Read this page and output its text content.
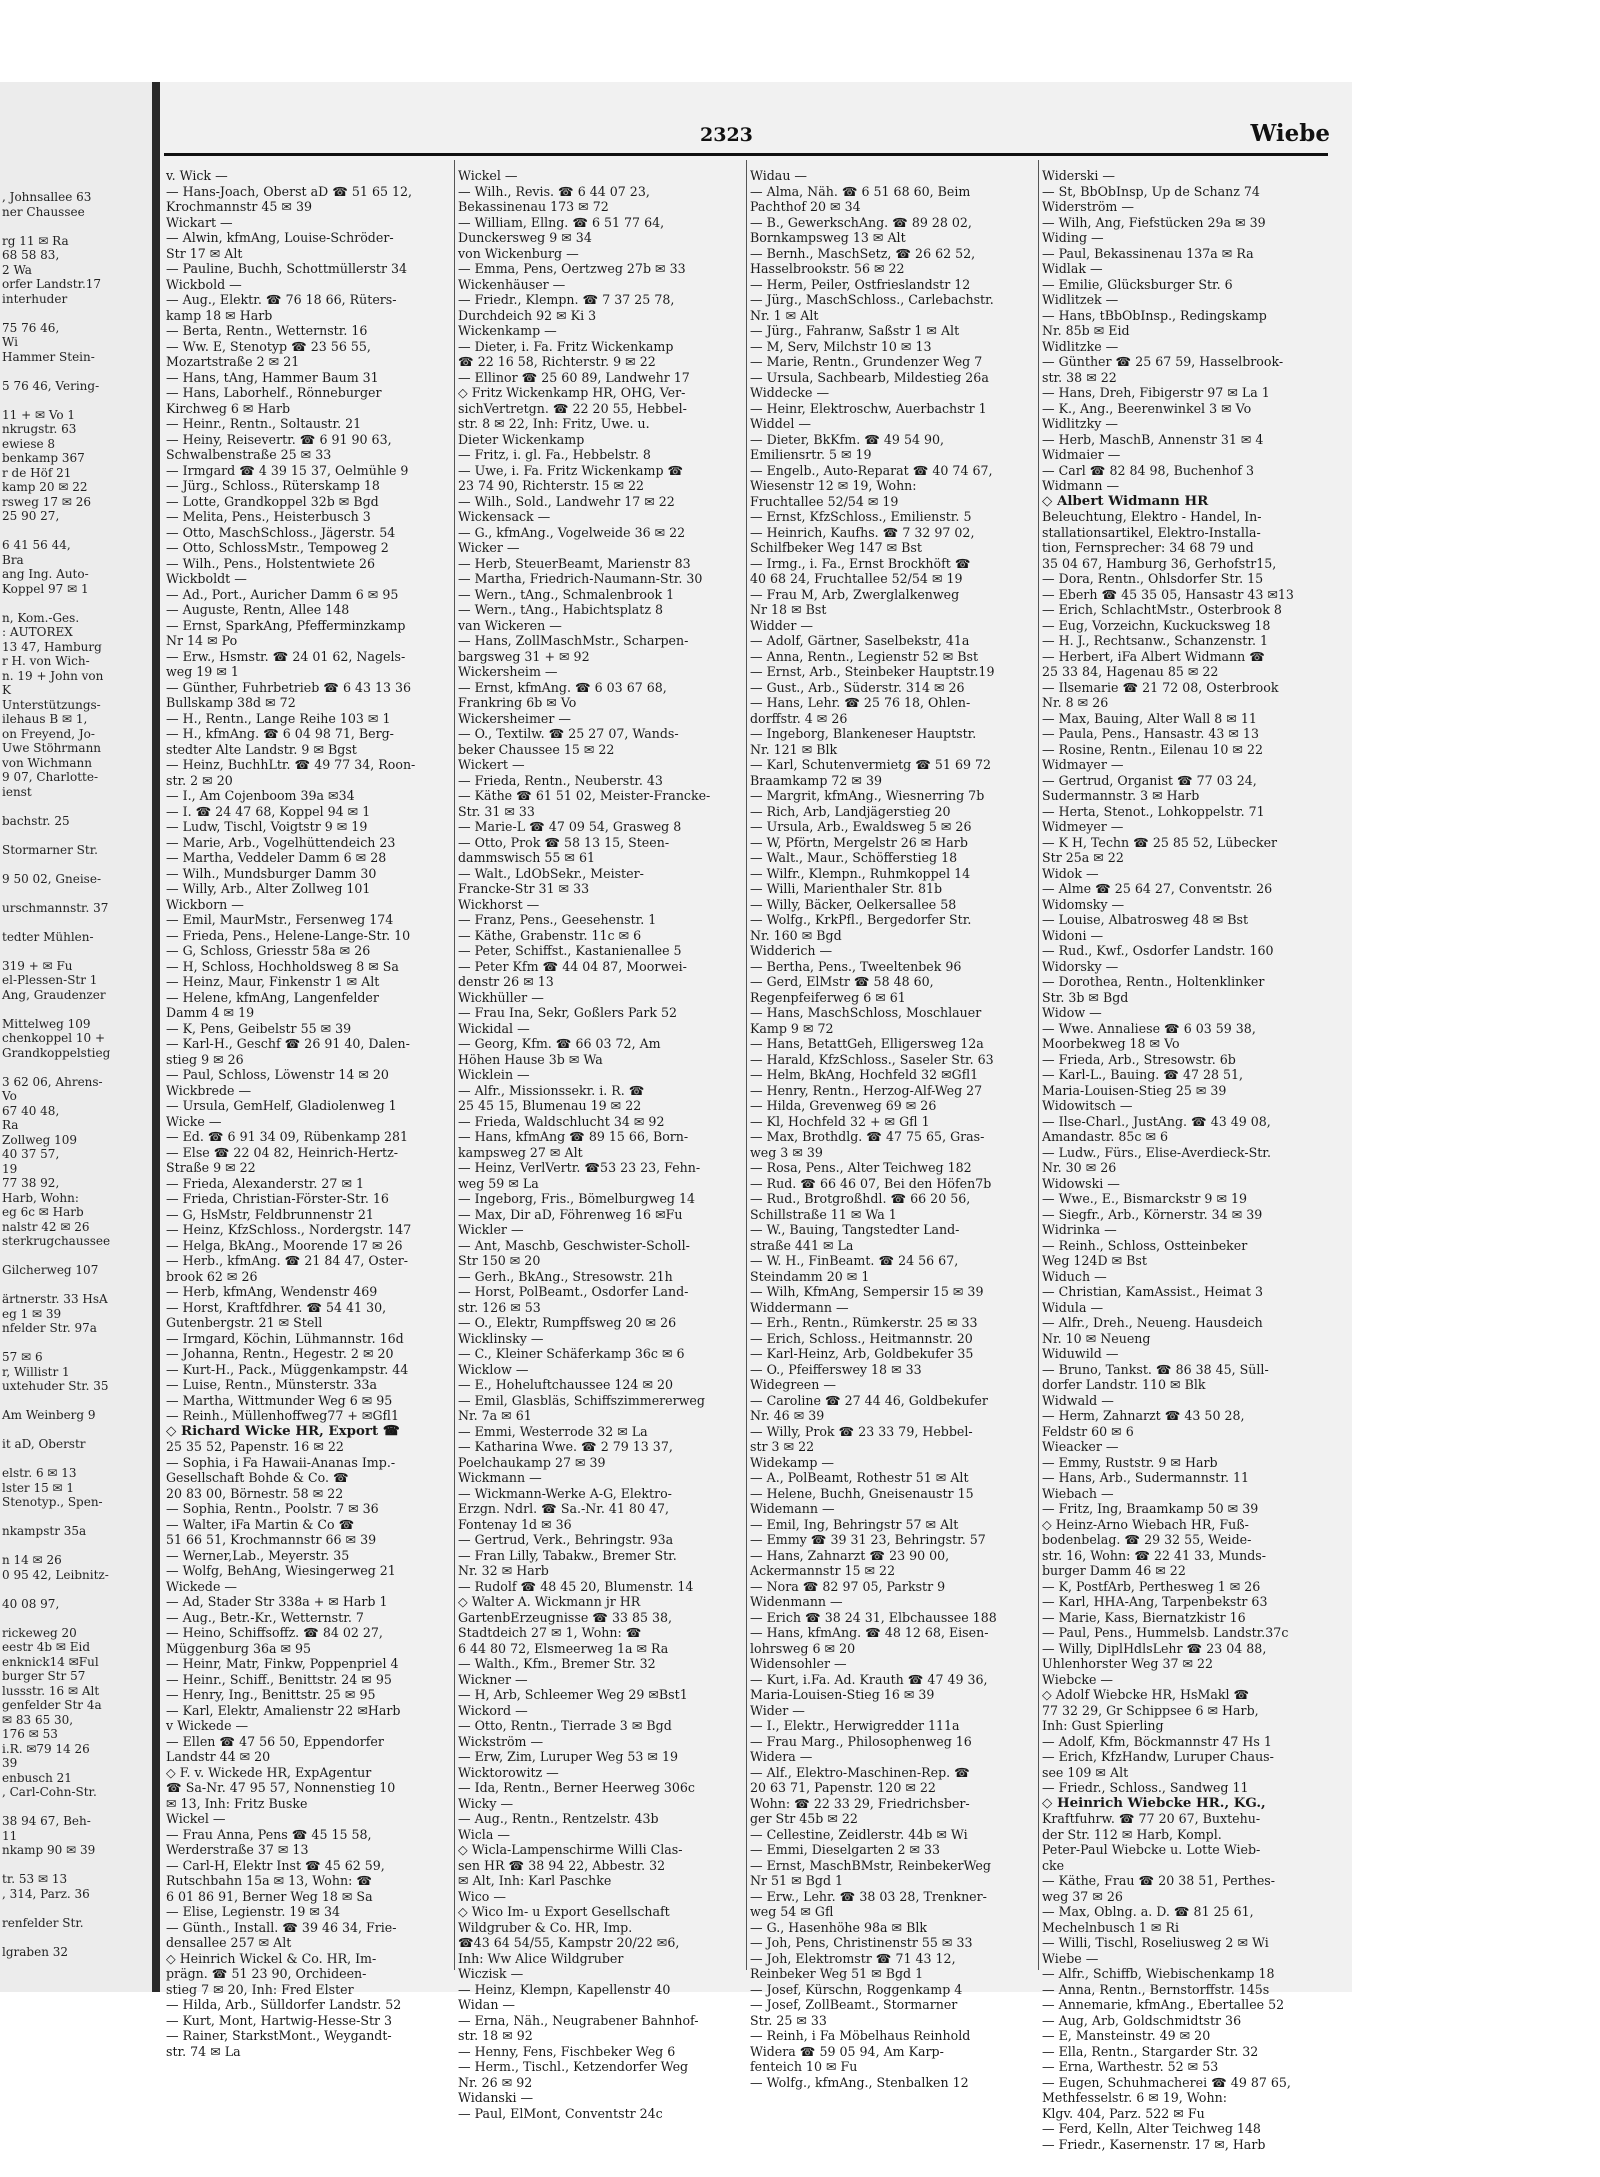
, Johnsallee 63
ner Chaussee

rg 11 ✉ Ra
68 58 83,
2 Wa
orfer Landstr.17
interhuder

75 76 46,
Wi
Hammer Stein-

5 76 46, Vering-

11 + ✉ Vo 1
nkrugstr. 63
ewiese 8
benkamp 367
r de Höf 21
kamp 20 ✉ 22
rsweg 17 ✉ 26
25 90 27,

6 41 56 44,
Bra
ang Ing. Auto-
Koppel 97 ✉ 1

n, Kom.-Ges.
: AUTOREX
13 47, Hamburg
r H. von Wich-
n. 19 + John von
K
Unterstützungs-
ilehaus B ✉ 1,
on Freyend, Jo-
Uwe Stöhrmann
von Wichmann
9 07, Charlotte-
ienst

bachstr. 25

Stormarner Str.

9 50 02, Gneise-

urschmannstr. 37

tedter Mühlen-

319 + ✉ Fu
el-Plessen-Str 1
Ang, Graudenzer

Mittelweg 109
chenkoppel 10 +
Grandkoppelstieg

3 62 06, Ahrens-
Vo
67 40 48,
Ra
Zollweg 109
40 37 57,
19
77 38 92,
Harb, Wohn:
eg 6c ✉ Harb
nalstr 42 ✉ 26
sterkrugchaussee

Gilcherweg 107

ärtnerstr. 33 HsA
eg 1 ✉ 39
nfelder Str. 97a

57 ✉ 6
r, Willistr 1
uxtehuder Str. 35

Am Weinberg 9

it aD, Oberstr

elstr. 6 ✉ 13
lster 15 ✉ 1
Stenotyp., Spen-

nkampstr 35a

n 14 ✉ 26
0 95 42, Leibnitz-

40 08 97,

rickeweg 20
eestr 4b ✉ Eid
enknick14 ✉Ful
burger Str 57
lussstr. 16 ✉ Alt
genfelder Str 4a
✉ 83 65 30,
176 ✉ 53
i.R. ✉79 14 26
39
enbusch 21
, Carl-Cohn-Str.

38 94 67, Beh-
11
nkamp 90 ✉ 39

tr. 53 ✉ 13
, 314, Parz. 36

renfelder Str.

lgraben 32
2323	Wiebe
v. Wick —
— Hans-Joach, Oberst aD ☎ 51 65 12,
Krochmannstr 45 ✉ 39
Wickart —
— Alwin, kfmAng, Louise-Schröder-
Str 17 ✉ Alt
— Pauline, Buchh, Schottmüllerstr 34
Wickbold —
— Aug., Elektr. ☎ 76 18 66, Rüters-
kamp 18 ✉ Harb
— Berta, Rentn., Wetternstr. 16
— Ww. E, Stenotyp ☎ 23 56 55,
Mozartstraße 2 ✉ 21
— Hans, tAng, Hammer Baum 31
— Hans, Laborhelf., Rönneburger
Kirchweg 6 ✉ Harb
— Heinr., Rentn., Soltaustr. 21
— Heiny, Reisevertr. ☎ 6 91 90 63,
Schwalbenstraße 25 ✉ 33
— Irmgard ☎ 4 39 15 37, Oelmühle 9
— Jürg., Schloss., Rüterskamp 18
— Lotte, Grandkoppel 32b ✉ Bgd
— Melita, Pens., Heisterbusch 3
— Otto, MaschSchloss., Jägerstr. 54
— Otto, SchlossMstr., Tempoweg 2
— Wilh., Pens., Holstentwiete 26
Wickboldt —
— Ad., Port., Auricher Damm 6 ✉ 95
— Auguste, Rentn, Allee 148
— Ernst, SparkAng, Pfefferminzkamp
Nr 14 ✉ Po
— Erw., Hsmstr. ☎ 24 01 62, Nagels-
weg 19 ✉ 1
— Günther, Fuhrbetrieb ☎ 6 43 13 36
Bullskamp 38d ✉ 72
— H., Rentn., Lange Reihe 103 ✉ 1
— H., kfmAng. ☎ 6 04 98 71, Berg-
stedter Alte Landstr. 9 ✉ Bgst
— Heinz, BuchhLtr. ☎ 49 77 34, Roon-
str. 2 ✉ 20
— I., Am Cojenboom 39a ✉34
— I. ☎ 24 47 68, Koppel 94 ✉ 1
— Ludw, Tischl, Voigtstr 9 ✉ 19
— Marie, Arb., Vogelhüttendeich 23
— Martha, Veddeler Damm 6 ✉ 28
— Wilh., Mundsburger Damm 30
— Willy, Arb., Alter Zollweg 101
Wickborn —
— Emil, MaurMstr., Fersenweg 174
— Frieda, Pens., Helene-Lange-Str. 10
— G, Schloss, Griesstr 58a ✉ 26
— H, Schloss, Hochholdsweg 8 ✉ Sa
— Heinz, Maur, Finkenstr 1 ✉ Alt
— Helene, kfmAng, Langenfelder
Damm 4 ✉ 19
— K, Pens, Geibelstr 55 ✉ 39
— Karl-H., Geschf ☎ 26 91 40, Dalen-
stieg 9 ✉ 26
— Paul, Schloss, Löwenstr 14 ✉ 20
Wickbrede —
— Ursula, GemHelf, Gladiolenweg 1
Wicke —
— Ed. ☎ 6 91 34 09, Rübenkamp 281
— Else ☎ 22 04 82, Heinrich-Hertz-
Straße 9 ✉ 22
— Frieda, Alexanderstr. 27 ✉ 1
— Frieda, Christian-Förster-Str. 16
— G, HsMstr, Feldbrunnenstr 21
— Heinz, KfzSchloss., Nordergstr. 147
— Helga, BkAng., Moorende 17 ✉ 26
— Herb., kfmAng. ☎ 21 84 47, Oster-
brook 62 ✉ 26
— Herb, kfmAng, Wendenstr 469
— Horst, Kraftfdhrer. ☎ 54 41 30,
Gutenbergstr. 21 ✉ Stell
— Irmgard, Köchin, Lühmannstr. 16d
— Johanna, Rentn., Hegestr. 2 ✉ 20
— Kurt-H., Pack., Müggenkampstr. 44
— Luise, Rentn., Münsterstr. 33a
— Martha, Wittmunder Weg 6 ✉ 95
— Reinh., Müllenhoffweg77 + ✉Gfl1
◇ Richard Wicke HR, Export ☎
25 35 52, Papenstr. 16 ✉ 22
— Sophia, i Fa Hawaii-Ananas Imp.-
Gesellschaft Bohde & Co. ☎
20 83 00, Börnestr. 58 ✉ 22
— Sophia, Rentn., Poolstr. 7 ✉ 36
— Walter, iFa Martin & Co ☎
51 66 51, Krochmannstr 66 ✉ 39
— Werner,Lab., Meyerstr. 35
— Wolfg, BehAng, Wiesingerweg 21
Wickede —
— Ad, Stader Str 338a + ✉ Harb 1
— Aug., Betr.-Kr., Wetternstr. 7
— Heino, Schiffsoffz. ☎ 84 02 27,
Müggenburg 36a ✉ 95
— Heinr, Matr, Finkw, Poppenpriel 4
— Heinr., Schiff., Benittstr. 24 ✉ 95
— Henry, Ing., Benittstr. 25 ✉ 95
— Karl, Elektr, Amalienstr 22 ✉Harb
v Wickede —
— Ellen ☎ 47 56 50, Eppendorfer
Landstr 44 ✉ 20
◇ F. v. Wickede HR, ExpAgentur
☎ Sa-Nr. 47 95 57, Nonnenstieg 10
✉ 13, Inh: Fritz Buske
Wickel —
— Frau Anna, Pens ☎ 45 15 58,
Werderstraße 37 ✉ 13
— Carl-H, Elektr Inst ☎ 45 62 59,
Rutschbahn 15a ✉ 13, Wohn: ☎
6 01 86 91, Berner Weg 18 ✉ Sa
— Elise, Legienstr. 19 ✉ 34
— Günth., Install. ☎ 39 46 34, Frie-
densallee 257 ✉ Alt
◇ Heinrich Wickel & Co. HR, Im-
prägn. ☎ 51 23 90, Orchideen-
stieg 7 ✉ 20, Inh: Fred Elster
— Hilda, Arb., Sülldorfer Landstr. 52
— Kurt, Mont, Hartwig-Hesse-Str 3
— Rainer, StarkstMont., Weygandt-
str. 74 ✉ La
Wickel —
— Wilh., Revis. ☎ 6 44 07 23,
Bekassinenau 173 ✉ 72
— William, Ellng. ☎ 6 51 77 64,
Dunckersweg 9 ✉ 34
von Wickenburg —
— Emma, Pens, Oertzweg 27b ✉ 33
Wickenhäuser —
— Friedr., Klempn. ☎ 7 37 25 78,
Durchdeich 92 ✉ Ki 3
Wickenkamp —
— Dieter, i. Fa. Fritz Wickenkamp
☎ 22 16 58, Richterstr. 9 ✉ 22
— Ellinor ☎ 25 60 89, Landwehr 17
◇ Fritz Wickenkamp HR, OHG, Ver-
sichVertretgn. ☎ 22 20 55, Hebbel-
str. 8 ✉ 22, Inh: Fritz, Uwe. u.
Dieter Wickenkamp
— Fritz, i. gl. Fa., Hebbelstr. 8
— Uwe, i. Fa. Fritz Wickenkamp ☎
23 74 90, Richterstr. 15 ✉ 22
— Wilh., Sold., Landwehr 17 ✉ 22
Wickensack —
— G., kfmAng., Vogelweide 36 ✉ 22
Wicker —
— Herb, SteuerBeamt, Marienstr 83
— Martha, Friedrich-Naumann-Str. 30
— Wern., tAng., Schmalenbrook 1
— Wern., tAng., Habichtsplatz 8
van Wickeren —
— Hans, ZollMaschMstr., Scharpen-
bargsweg 31 + ✉ 92
Wickersheim —
— Ernst, kfmAng. ☎ 6 03 67 68,
Frankring 6b ✉ Vo
Wickersheimer —
— O., Textilw. ☎ 25 27 07, Wands-
beker Chaussee 15 ✉ 22
Wickert —
— Frieda, Rentn., Neuberstr. 43
— Käthe ☎ 61 51 02, Meister-Francke-
Str. 31 ✉ 33
— Marie-L ☎ 47 09 54, Grasweg 8
— Otto, Prok ☎ 58 13 15, Steen-
dammswisch 55 ✉ 61
— Walt., LdObSekr., Meister-
Francke-Str 31 ✉ 33
Wickhorst —
— Franz, Pens., Geesehenstr. 1
— Käthe, Grabenstr. 11c ✉ 6
— Peter, Schiffst., Kastanienallee 5
— Peter Kfm ☎ 44 04 87, Moorwei-
denstr 26 ✉ 13
Wickhüller —
— Frau Ina, Sekr, Goßlers Park 52
Wickidal —
— Georg, Kfm. ☎ 66 03 72, Am
Höhen Hause 3b ✉ Wa
Wicklein —
— Alfr., Missionssekr. i. R. ☎
25 45 15, Blumenau 19 ✉ 22
— Frieda, Waldschlucht 34 ✉ 92
— Hans, kfmAng ☎ 89 15 66, Born-
kampsweg 27 ✉ Alt
— Heinz, VerlVertr. ☎53 23 23, Fehn-
weg 59 ✉ La
— Ingeborg, Fris., Bömelburgweg 14
— Max, Dir aD, Föhrenweg 16 ✉Fu
Wickler —
— Ant, Maschb, Geschwister-Scholl-
Str 150 ✉ 20
— Gerh., BkAng., Stresowstr. 21h
— Horst, PolBeamt., Osdorfer Land-
str. 126 ✉ 53
— O., Elektr, Rumpffsweg 20 ✉ 26
Wicklinsky —
— C., Kleiner Schäferkamp 36c ✉ 6
Wicklow —
— E., Hoheluftchaussee 124 ✉ 20
— Emil, Glasbläs, Schiffszimmererweg
Nr. 7a ✉ 61
— Emmi, Westerrode 32 ✉ La
— Katharina Wwe. ☎ 2 79 13 37,
Poelchaukamp 27 ✉ 39
Wickmann —
— Wickmann-Werke A-G, Elektro-
Erzgn. Ndrl. ☎ Sa.-Nr. 41 80 47,
Fontenay 1d ✉ 36
— Gertrud, Verk., Behringstr. 93a
— Fran Lilly, Tabakw., Bremer Str.
Nr. 32 ✉ Harb
— Rudolf ☎ 48 45 20, Blumenstr. 14
◇ Walter A. Wickmann jr HR
GartenbErzeugnisse ☎ 33 85 38,
Stadtdeich 27 ✉ 1, Wohn: ☎
6 44 80 72, Elsmeerweg 1a ✉ Ra
— Walth., Kfm., Bremer Str. 32
Wickner —
— H, Arb, Schleemer Weg 29 ✉Bst1
Wickord —
— Otto, Rentn., Tierrade 3 ✉ Bgd
Wickström —
— Erw, Zim, Luruper Weg 53 ✉ 19
Wicktorowitz —
— Ida, Rentn., Berner Heerweg 306c
Wicky —
— Aug., Rentn., Rentzelstr. 43b
Wicla —
◇ Wicla-Lampenschirme Willi Clas-
sen HR ☎ 38 94 22, Abbestr. 32
✉ Alt, Inh: Karl Paschke
Wico —
◇ Wico Im- u Export Gesellschaft
Wildgruber & Co. HR, Imp.
☎43 64 54/55, Kampstr 20/22 ✉6,
Inh: Ww Alice Wildgruber
Wiczisk —
— Heinz, Klempn, Kapellenstr 40
Widan —
— Erna, Näh., Neugrabener Bahnhof-
str. 18 ✉ 92
— Henny, Fens, Fischbeker Weg 6
— Herm., Tischl., Ketzendorfer Weg
Nr. 26 ✉ 92
Widanski —
— Paul, ElMont, Conventstr 24c
Widau —
— Alma, Näh. ☎ 6 51 68 60, Beim
Pachthof 20 ✉ 34
— B., GewerkschAng. ☎ 89 28 02,
Bornkampsweg 13 ✉ Alt
— Bernh., MaschSetz, ☎ 26 62 52,
Hasselbrookstr. 56 ✉ 22
— Herm, Peiler, Ostfrieslandstr 12
— Jürg., MaschSchloss., Carlebachstr.
Nr. 1 ✉ Alt
— Jürg., Fahranw, Saßstr 1 ✉ Alt
— M, Serv, Milchstr 10 ✉ 13
— Marie, Rentn., Grundenzer Weg 7
— Ursula, Sachbearb, Mildestieg 26a
Widdecke —
— Heinr, Elektroschw, Auerbachstr 1
Widdel —
— Dieter, BkKfm. ☎ 49 54 90,
Emiliensrtr. 5 ✉ 19
— Engelb., Auto-Reparat ☎ 40 74 67,
Wiesenstr 12 ✉ 19, Wohn:
Fruchtallee 52/54 ✉ 19
— Ernst, KfzSchloss., Emilienstr. 5
— Heinrich, Kaufhs. ☎ 7 32 97 02,
Schilfbeker Weg 147 ✉ Bst
— Irmg., i. Fa., Ernst Brockhöft ☎
40 68 24, Fruchtallee 52/54 ✉ 19
— Frau M, Arb, Zwerglalkenweg
Nr 18 ✉ Bst
Widder —
— Adolf, Gärtner, Saselbekstr, 41a
— Anna, Rentn., Legienstr 52 ✉ Bst
— Ernst, Arb., Steinbeker Hauptstr.19
— Gust., Arb., Süderstr. 314 ✉ 26
— Hans, Lehr. ☎ 25 76 18, Ohlen-
dorffstr. 4 ✉ 26
— Ingeborg, Blankeneser Hauptstr.
Nr. 121 ✉ Blk
— Karl, Schutenvermietg ☎ 51 69 72
Braamkamp 72 ✉ 39
— Margrit, kfmAng., Wiesnerring 7b
— Rich, Arb, Landjägerstieg 20
— Ursula, Arb., Ewaldsweg 5 ✉ 26
— W, Pförtn, Mergelstr 26 ✉ Harb
— Walt., Maur., Schöfferstieg 18
— Wilfr., Klempn., Ruhmkoppel 14
— Willi, Marienthaler Str. 81b
— Willy, Bäcker, Oelkersallee 58
— Wolfg., KrkPfl., Bergedorfer Str.
Nr. 160 ✉ Bgd
Widderich —
— Bertha, Pens., Tweeltenbek 96
— Gerd, ElMstr ☎ 58 48 60,
Regenpfeiferweg 6 ✉ 61
— Hans, MaschSchloss, Moschlauer
Kamp 9 ✉ 72
— Hans, BetattGeh, Elligersweg 12a
— Harald, KfzSchloss., Saseler Str. 63
— Helm, BkAng, Hochfeld 32 ✉Gfl1
— Henry, Rentn., Herzog-Alf-Weg 27
— Hilda, Grevenweg 69 ✉ 26
— Kl, Hochfeld 32 + ✉ Gfl 1
— Max, Brothdlg. ☎ 47 75 65, Gras-
weg 3 ✉ 39
— Rosa, Pens., Alter Teichweg 182
— Rud. ☎ 66 46 07, Bei den Höfen7b
— Rud., Brotgroßhdl. ☎ 66 20 56,
Schillstraße 11 ✉ Wa 1
— W., Bauing, Tangstedter Land-
straße 441 ✉ La
— W. H., FinBeamt. ☎ 24 56 67,
Steindamm 20 ✉ 1
— Wilh, KfmAng, Sempersir 15 ✉ 39
Widdermann —
— Erh., Rentn., Rümkerstr. 25 ✉ 33
— Erich, Schloss., Heitmannstr. 20
— Karl-Heinz, Arb, Goldbekufer 35
— O., Pfeifferswey 18 ✉ 33
Widegreen —
— Caroline ☎ 27 44 46, Goldbekufer
Nr. 46 ✉ 39
— Willy, Prok ☎ 23 33 79, Hebbel-
str 3 ✉ 22
Widekamp —
— A., PolBeamt, Rothestr 51 ✉ Alt
— Helene, Buchh, Gneisenaustr 15
Widemann —
— Emil, Ing, Behringstr 57 ✉ Alt
— Emmy ☎ 39 31 23, Behringstr. 57
— Hans, Zahnarzt ☎ 23 90 00,
Ackermannstr 15 ✉ 22
— Nora ☎ 82 97 05, Parkstr 9
Widenmann —
— Erich ☎ 38 24 31, Elbchaussee 188
— Hans, kfmAng. ☎ 48 12 68, Eisen-
lohrsweg 6 ✉ 20
Widensohler —
— Kurt, i.Fa. Ad. Krauth ☎ 47 49 36,
Maria-Louisen-Stieg 16 ✉ 39
Wider —
— I., Elektr., Herwigredder 111a
— Frau Marg., Philosophenweg 16
Widera —
— Alf., Elektro-Maschinen-Rep. ☎
20 63 71, Papenstr. 120 ✉ 22
Wohn: ☎ 22 33 29, Friedrichsber-
ger Str 45b ✉ 22
— Cellestine, Zeidlerstr. 44b ✉ Wi
— Emmi, Dieselgarten 2 ✉ 33
— Ernst, MaschBMstr, ReinbekerWeg
Nr 51 ✉ Bgd 1
— Erw., Lehr. ☎ 38 03 28, Trenkner-
weg 54 ✉ Gfl
— G., Hasenhöhe 98a ✉ Blk
— Joh, Pens, Christinenstr 55 ✉ 33
— Joh, Elektromstr ☎ 71 43 12,
Reinbeker Weg 51 ✉ Bgd 1
— Josef, Kürschn, Roggenkamp 4
— Josef, ZollBeamt., Stormarner
Str. 25 ✉ 33
— Reinh, i Fa Möbelhaus Reinhold
Widera ☎ 59 05 94, Am Karp-
fenteich 10 ✉ Fu
— Wolfg., kfmAng., Stenbalken 12
Widerski —
— St, BbObInsp, Up de Schanz 74
Widerström —
— Wilh, Ang, Fiefstücken 29a ✉ 39
Widing —
— Paul, Bekassinenau 137a ✉ Ra
Widlak —
— Emilie, Glücksburger Str. 6
Widlitzek —
— Hans, tBbObInsp., Redingskamp
Nr. 85b ✉ Eid
Widlitzke —
— Günther ☎ 25 67 59, Hasselbrook-
str. 38 ✉ 22
— Hans, Dreh, Fibigerstr 97 ✉ La 1
— K., Ang., Beerenwinkel 3 ✉ Vo
Widlitzky —
— Herb, MaschB, Annenstr 31 ✉ 4
Widmaier —
— Carl ☎ 82 84 98, Buchenhof 3
Widmann —
◇ Albert Widmann HR
Beleuchtung, Elektro - Handel, In-
stallationsartikel, Elektro-Installa-
tion, Fernsprecher: 34 68 79 und
35 04 67, Hamburg 36, Gerhofstr15,
— Dora, Rentn., Ohlsdorfer Str. 15
— Eberh ☎ 45 35 05, Hansastr 43 ✉13
— Erich, SchlachtMstr., Osterbrook 8
— Eug, Vorzeichn, Kuckucksweg 18
— H. J., Rechtsanw., Schanzenstr. 1
— Herbert, iFa Albert Widmann ☎
25 33 84, Hagenau 85 ✉ 22
— Ilsemarie ☎ 21 72 08, Osterbrook
Nr. 8 ✉ 26
— Max, Bauing, Alter Wall 8 ✉ 11
— Paula, Pens., Hansastr. 43 ✉ 13
— Rosine, Rentn., Eilenau 10 ✉ 22
Widmayer —
— Gertrud, Organist ☎ 77 03 24,
Sudermannstr. 3 ✉ Harb
— Herta, Stenot., Lohkoppelstr. 71
Widmeyer —
— K H, Techn ☎ 25 85 52, Lübecker
Str 25a ✉ 22
Widok —
— Alme ☎ 25 64 27, Conventstr. 26
Widomsky —
— Louise, Albatrosweg 48 ✉ Bst
Widoni —
— Rud., Kwf., Osdorfer Landstr. 160
Widorsky —
— Dorothea, Rentn., Holtenklinker
Str. 3b ✉ Bgd
Widow —
— Wwe. Annaliese ☎ 6 03 59 38,
Moorbekweg 18 ✉ Vo
— Frieda, Arb., Stresowstr. 6b
— Karl-L., Bauing. ☎ 47 28 51,
Maria-Louisen-Stieg 25 ✉ 39
Widowitsch —
— Ilse-Charl., JustAng. ☎ 43 49 08,
Amandastr. 85c ✉ 6
— Ludw., Fürs., Elise-Averdieck-Str.
Nr. 30 ✉ 26
Widowski —
— Wwe., E., Bismarckstr 9 ✉ 19
— Siegfr., Arb., Körnerstr. 34 ✉ 39
Widrinka —
— Reinh., Schloss, Ostteinbeker
Weg 124D ✉ Bst
Widuch —
— Christian, KamAssist., Heimat 3
Widula —
— Alfr., Dreh., Neueng. Hausdeich
Nr. 10 ✉ Neueng
Widuwild —
— Bruno, Tankst. ☎ 86 38 45, Süll-
dorfer Landstr. 110 ✉ Blk
Widwald —
— Herm, Zahnarzt ☎ 43 50 28,
Feldstr 60 ✉ 6
Wieacker —
— Emmy, Ruststr. 9 ✉ Harb
— Hans, Arb., Sudermannstr. 11
Wiebach —
— Fritz, Ing, Braamkamp 50 ✉ 39
◇ Heinz-Arno Wiebach HR, Fuß-
bodenbelag. ☎ 29 32 55, Weide-
str. 16, Wohn: ☎ 22 41 33, Munds-
burger Damm 46 ✉ 22
— K, PostfArb, Perthesweg 1 ✉ 26
— Karl, HHA-Ang, Tarpenbekstr 63
— Marie, Kass, Biernatzkistr 16
— Paul, Pens., Hummelsb. Landstr.37c
— Willy, DiplHdlsLehr ☎ 23 04 88,
Uhlenhorster Weg 37 ✉ 22
Wiebcke —
◇ Adolf Wiebcke HR, HsMakl ☎
77 32 29, Gr Schippsee 6 ✉ Harb,
Inh: Gust Spierling
— Adolf, Kfm, Böckmannstr 47 Hs 1
— Erich, KfzHandw, Luruper Chaus-
see 109 ✉ Alt
— Friedr., Schloss., Sandweg 11
◇ Heinrich Wiebcke HR., KG.,
Kraftfuhrw. ☎ 77 20 67, Buxtehu-
der Str. 112 ✉ Harb, Kompl.
Peter-Paul Wiebcke u. Lotte Wieb-
cke
— Käthe, Frau ☎ 20 38 51, Perthes-
weg 37 ✉ 26
— Max, Oblng. a. D. ☎ 81 25 61,
Mechelnbusch 1 ✉ Ri
— Willi, Tischl, Roseliusweg 2 ✉ Wi
Wiebe —
— Alfr., Schiffb, Wiebischenkamp 18
— Anna, Rentn., Bernstorffstr. 145s
— Annemarie, kfmAng., Ebertallee 52
— Aug, Arb, Goldschmidtstr 36
— E, Mansteinstr. 49 ✉ 20
— Ella, Rentn., Stargarder Str. 32
— Erna, Warthestr. 52 ✉ 53
— Eugen, Schuhmacherei ☎ 49 87 65,
Methfesselstr. 6 ✉ 19, Wohn:
Klgv. 404, Parz. 522 ✉ Fu
— Ferd, Kelln, Alter Teichweg 148
— Friedr., Kasernenstr. 17 ✉, Harb
